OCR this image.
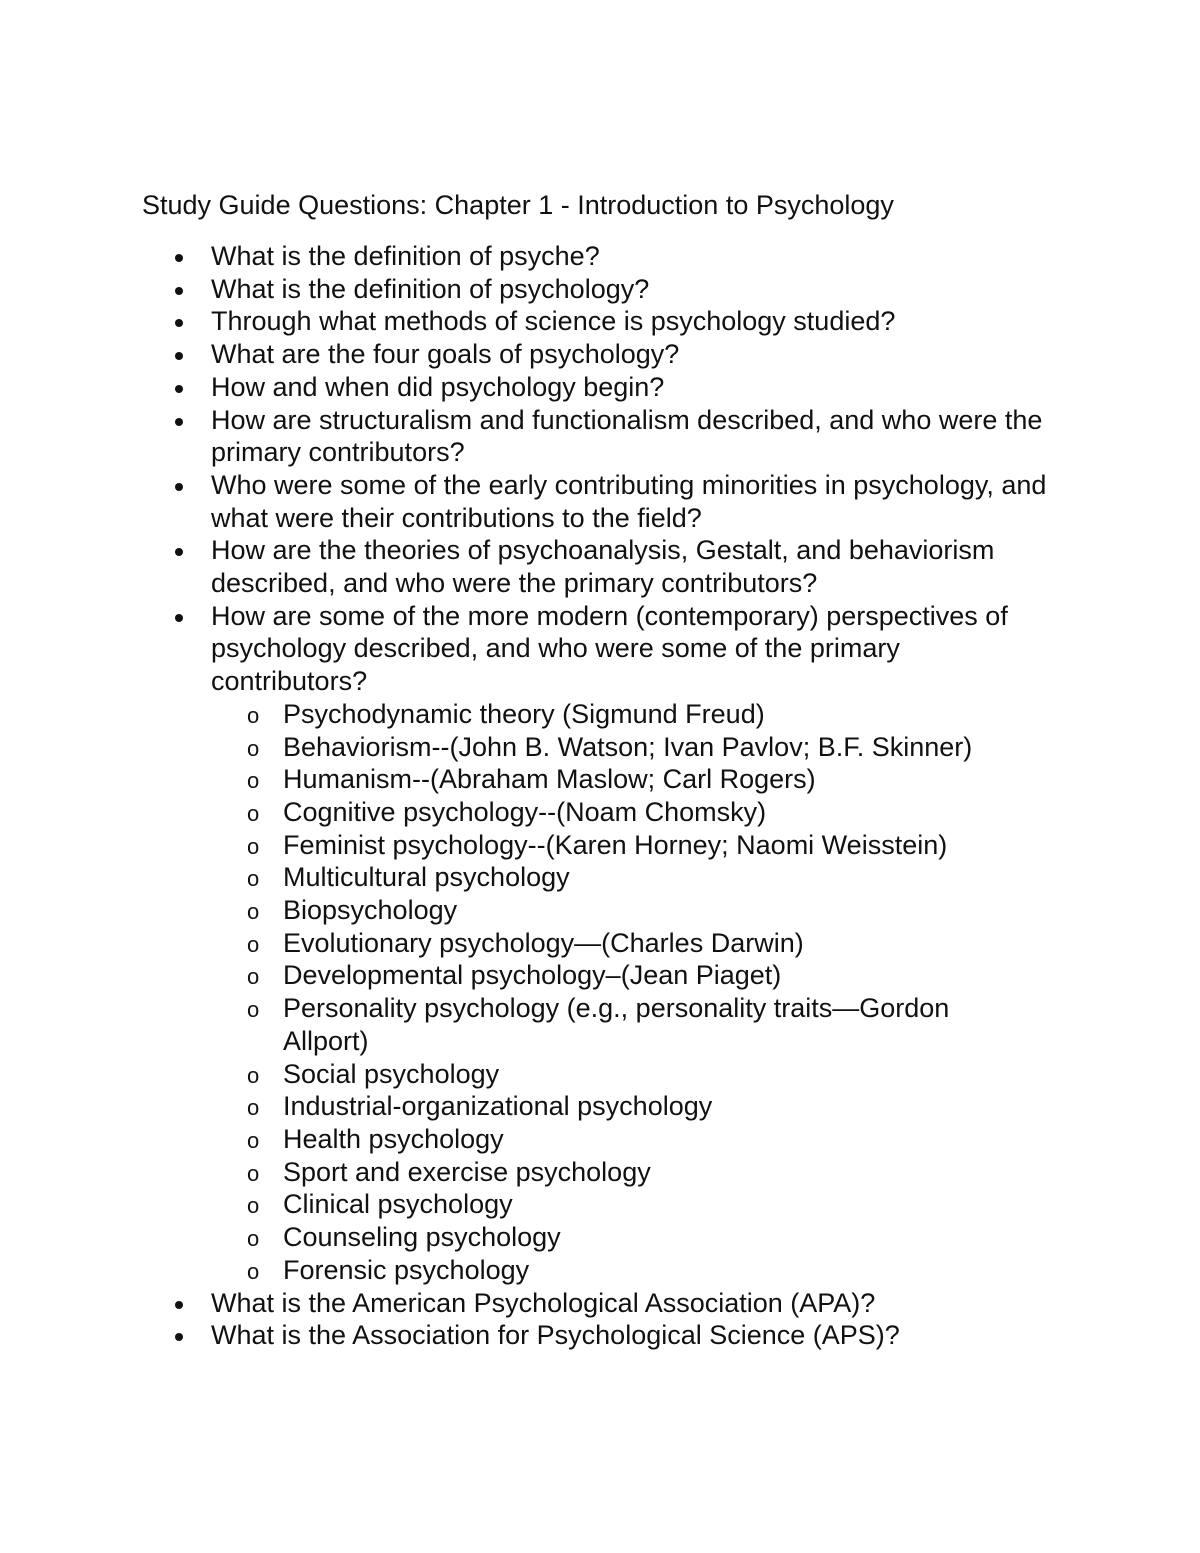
Study Guide Questions: Chapter 1 - Introduction to Psychology
What is the definition of psyche?
What is the definition of psychology?
Through what methods of science is psychology studied?
What are the four goals of psychology?
How and when did psychology begin?
How are structuralism and functionalism described, and who were the primary contributors?
Who were some of the early contributing minorities in psychology, and what were their contributions to the field?
How are the theories of psychoanalysis, Gestalt, and behaviorism described, and who were the primary contributors?
How are some of the more modern (contemporary) perspectives of psychology described, and who were some of the primary contributors?
o Psychodynamic theory (Sigmund Freud)
o Behaviorism--(John B. Watson; Ivan Pavlov; B.F. Skinner)
o Humanism--(Abraham Maslow; Carl Rogers)
o Cognitive psychology--(Noam Chomsky)
o Feminist psychology--(Karen Horney; Naomi Weisstein)
o Multicultural psychology
o Biopsychology
o Evolutionary psychology—(Charles Darwin)
o Developmental psychology–(Jean Piaget)
o Personality psychology (e.g., personality traits—Gordon Allport)
o Social psychology
o Industrial-organizational psychology
o Health psychology
o Sport and exercise psychology
o Clinical psychology
o Counseling psychology
o Forensic psychology
What is the American Psychological Association (APA)?
What is the Association for Psychological Science (APS)?
